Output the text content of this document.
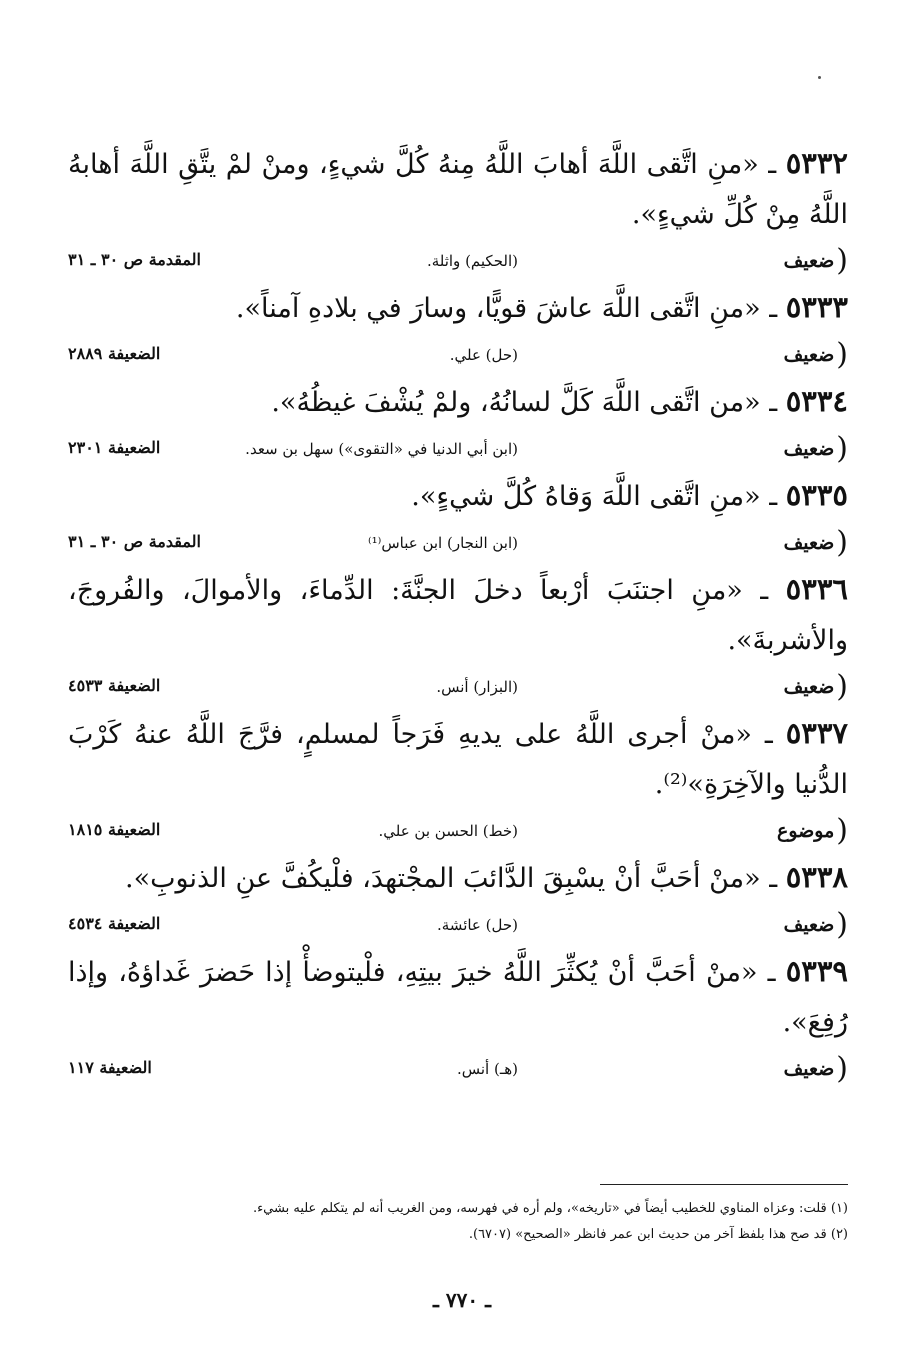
٥٣٣٢ ـ «منِ اتَّقى اللَّهَ أهابَ اللَّهُ مِنهُ كُلَّ شيءٍ، ومنْ لمْ يتَّقِ اللَّهَ أهابهُ اللَّهُ مِنْ كُلِّ شيءٍ».

(
ضعيف
(الحكيم) واثلة.
المقدمة ص ٣٠ ـ ٣١

٥٣٣٣ ـ «منِ اتَّقى اللَّهَ عاشَ قويًّا، وسارَ في بلادهِ آمناً».

(
ضعيف
(حل) علي.
الضعيفة ٢٨٨٩

٥٣٣٤ ـ «من اتَّقى اللَّهَ كَلَّ لسانُهُ، ولمْ يُشْفَ غيظُهُ».

(
ضعيف
(ابن أبي الدنيا في «التقوى») سهل بن سعد.
الضعيفة ٢٣٠١

٥٣٣٥ ـ «منِ اتَّقى اللَّهَ وَقاهُ كُلَّ شيءٍ».

(
ضعيف
(ابن النجار) ابن عباس⁽¹⁾
المقدمة ص ٣٠ ـ ٣١

٥٣٣٦ ـ «منِ اجتنَبَ أرْبعاً دخلَ الجنَّةَ: الدِّماءَ، والأموالَ، والفُروجَ، والأشربةَ».

(
ضعيف
(البزار) أنس.
الضعيفة ٤٥٣٣

٥٣٣٧ ـ «منْ أجرى اللَّهُ على يديهِ فَرَجاً لمسلمٍ، فرَّجَ اللَّهُ عنهُ كَرْبَ الدُّنيا والآخِرَةِ»⁽²⁾.

(
موضوع
(خط) الحسن بن علي.
الضعيفة ١٨١٥

٥٣٣٨ ـ «منْ أحَبَّ أنْ يسْبِقَ الدَّائبَ المجْتهدَ، فلْيكُفَّ عنِ الذنوبِ».

(
ضعيف
(حل) عائشة.
الضعيفة ٤٥٣٤

٥٣٣٩ ـ «منْ أحَبَّ أنْ يُكثِّرَ اللَّهُ خيرَ بيتِهِ، فلْيتوضأْ إذا حَضرَ غَداؤهُ، وإذا رُفِعَ».

(
ضعيف
(هـ) أنس.
الضعيفة ١١٧

(١) قلت: وعزاه المناوي للخطيب أيضاً في «تاريخه»، ولم أره في فهرسه، ومن الغريب أنه لم يتكلم عليه بشيء.

(٢) قد صح هذا بلفظ آخر من حديث ابن عمر فانظر «الصحيح» (٦٧٠٧).

ـ ٧٧٠ ـ
